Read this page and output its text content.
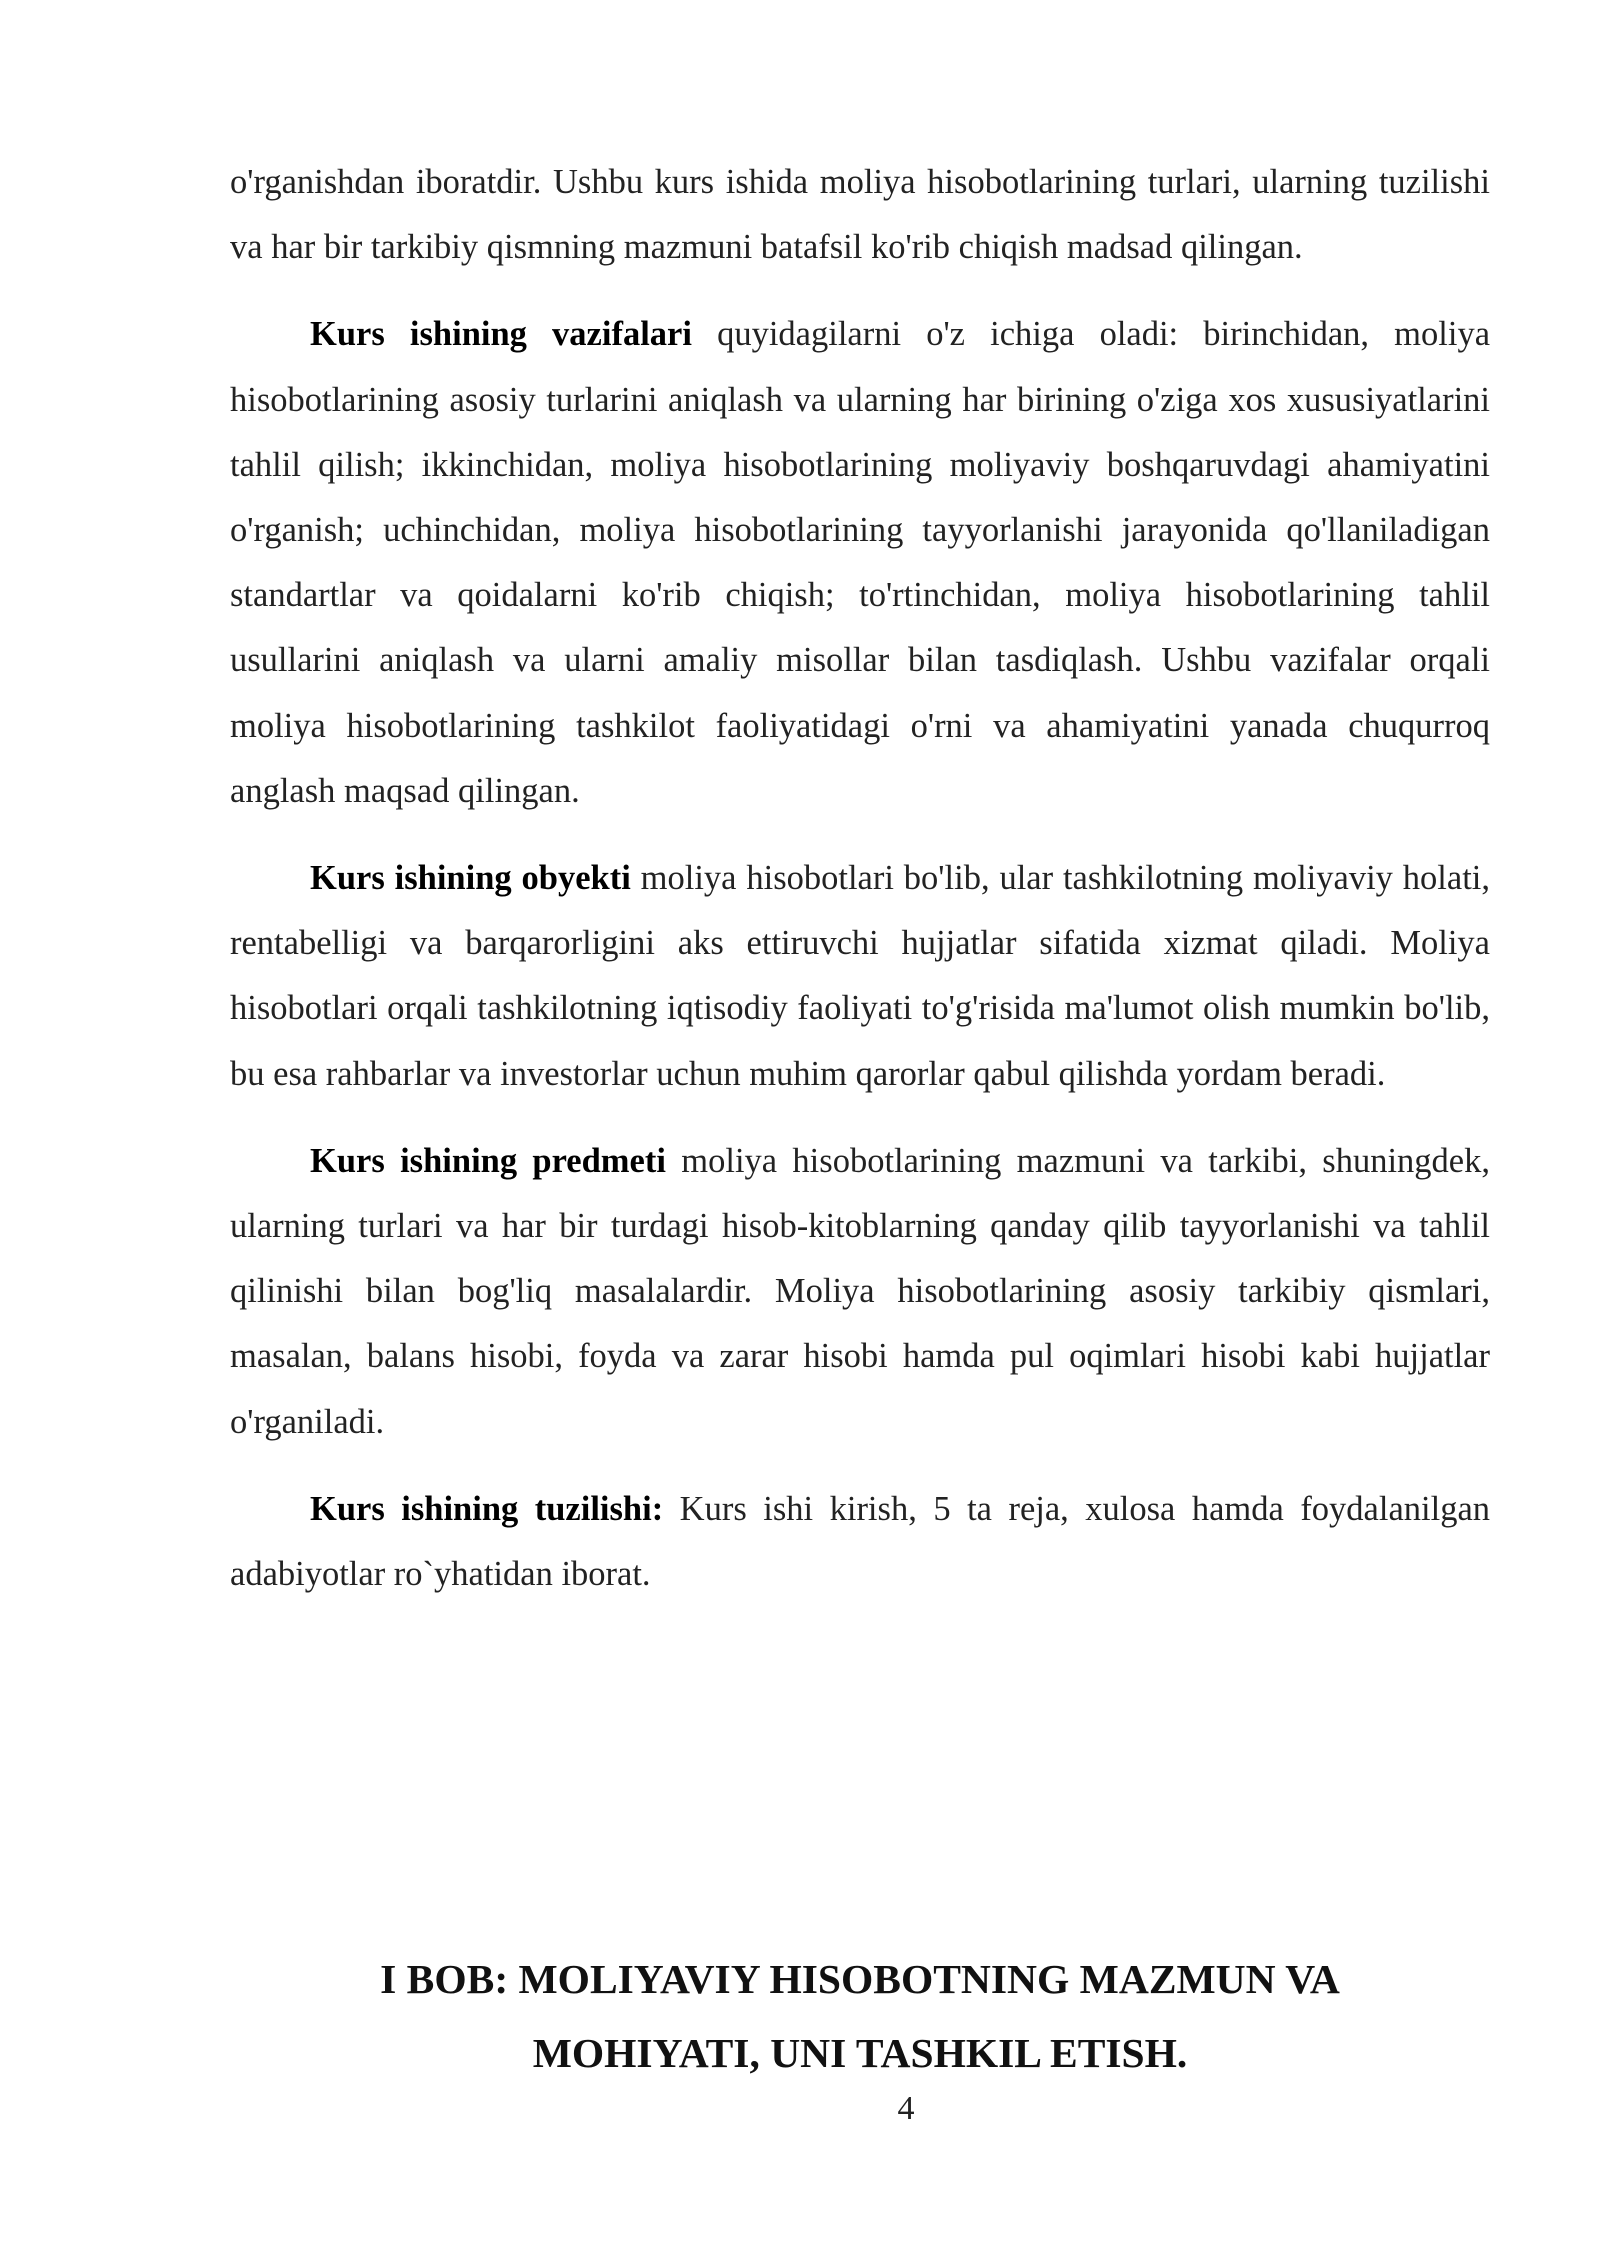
o'rganishdan iboratdir. Ushbu kurs ishida moliya hisobotlarining turlari, ularning tuzilishi va har bir tarkibiy qismning mazmuni batafsil ko'rib chiqish madsad qilingan.

Kurs ishining vazifalari quyidagilarni o'z ichiga oladi: birinchidan, moliya hisobotlarining asosiy turlarini aniqlash va ularning har birining o'ziga xos xususiyatlarini tahlil qilish; ikkinchidan, moliya hisobotlarining moliyaviy boshqaruvdagi ahamiyatini o'rganish; uchinchidan, moliya hisobotlarining tayyorlanishi jarayonida qo'llaniladigan standartlar va qoidalarni ko'rib chiqish; to'rtinchidan, moliya hisobotlarining tahlil usullarini aniqlash va ularni amaliy misollar bilan tasdiqlash. Ushbu vazifalar orqali moliya hisobotlarining tashkilot faoliyatidagi o'rni va ahamiyatini yanada chuqurroq anglash maqsad qilingan.

Kurs ishining obyekti moliya hisobotlari bo'lib, ular tashkilotning moliyaviy holati, rentabelligi va barqarorligini aks ettiruvchi hujjatlar sifatida xizmat qiladi. Moliya hisobotlari orqali tashkilotning iqtisodiy faoliyati to'g'risida ma'lumot olish mumkin bo'lib, bu esa rahbarlar va investorlar uchun muhim qarorlar qabul qilishda yordam beradi.

Kurs ishining predmeti moliya hisobotlarining mazmuni va tarkibi, shuningdek, ularning turlari va har bir turdagi hisob-kitoblarning qanday qilib tayyorlanishi va tahlil qilinishi bilan bog'liq masalalardir. Moliya hisobotlarining asosiy tarkibiy qismlari, masalan, balans hisobi, foyda va zarar hisobi hamda pul oqimlari hisobi kabi hujjatlar o'rganiladi.

Kurs ishining tuzilishi: Kurs ishi kirish, 5 ta reja, xulosa hamda foydalanilgan adabiyotlar ro`yhatidan iborat.

I BOB: MOLIYAVIY HISOBOTNING MAZMUN VA
MOHIYATI, UNI TASHKIL ETISH.
4
